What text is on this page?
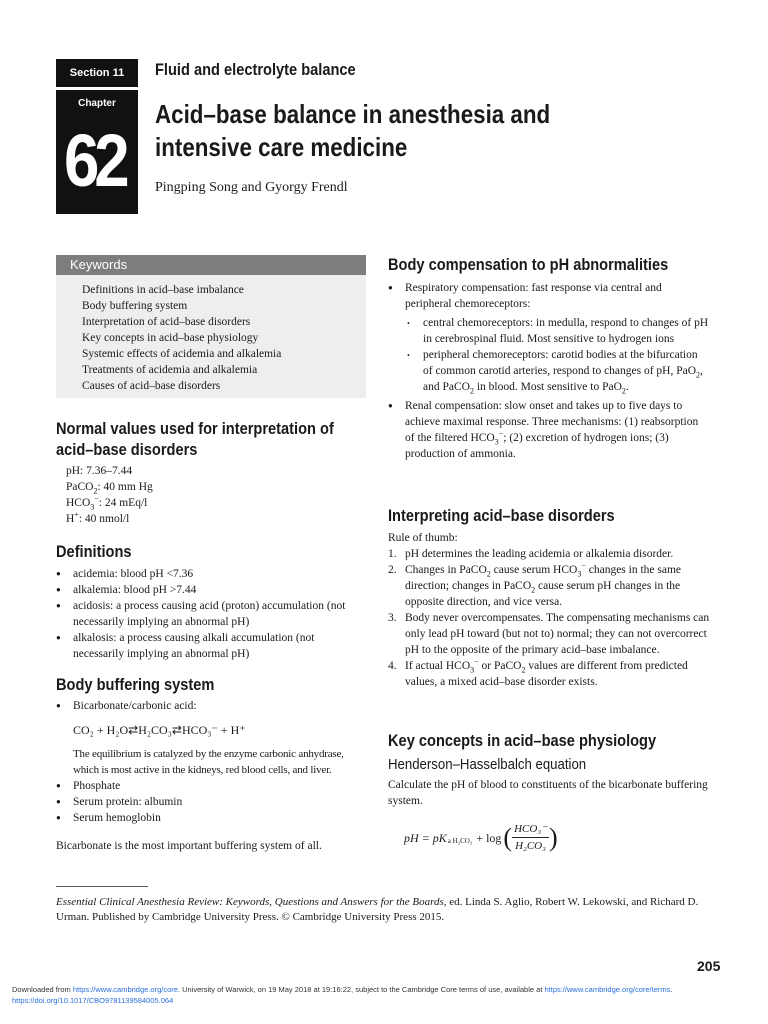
Section 11	Fluid and electrolyte balance
Chapter
62
Acid–base balance in anesthesia and intensive care medicine
Pingping Song and Gyorgy Frendl
Keywords
Definitions in acid–base imbalance
Body buffering system
Interpretation of acid–base disorders
Key concepts in acid–base physiology
Systemic effects of acidemia and alkalemia
Treatments of acidemia and alkalemia
Causes of acid–base disorders
Normal values used for interpretation of
acid–base disorders
pH: 7.36–7.44
PaCO$_2$: 40 mm Hg
$HCO_3^-$: 24 mEq/l
H+: 40 nmol/l
Definitions
● acidemia: blood pH <7.36
● alkalemia: blood pH >7.44
● acidosis: a process causing acid (proton) accumulation (not necessarily implying an abnormal pH)
● alkalosis: a process causing alkali accumulation (not necessarily implying an abnormal pH)
Body buffering system
● Bicarbonate/carbonic acid:
CO₂ + H₂O⇄H₂CO₃⇄HCO₃⁻ + H⁺
The equilibrium is catalyzed by the enzyme carbonic anhydrase, which is most active in the kidneys, red blood cells, and liver.
● Phosphate
● Serum protein: albumin
● Serum hemoglobin
Bicarbonate is the most important buffering system of all.
Body compensation to pH abnormalities
● Respiratory compensation: fast response via central and peripheral chemoreceptors:
. central chemoreceptors: in medulla, respond to changes of pH in cerebrospinal fluid. Most sensitive to hydrogen ions
. peripheral chemoreceptors: carotid bodies at the bifurcation of common carotid arteries, respond to changes of pH, PaO$_2$, and PaCO$_2$ in blood. Most sensitive to PaO$_2$.
● Renal compensation: slow onset and takes up to five days to achieve maximal response. Three mechanisms: (1) reabsorption of the filtered $HCO_3^-$; (2) excretion of hydrogen ions; (3) production of ammonia.
Interpreting acid–base disorders
Rule of thumb:
1. pH determines the leading acidemia or alkalemia disorder.
2. Changes in PaCO$_2$ cause serum $HCO_3^-$ changes in the same direction; changes in PaCO$_2$ cause serum pH changes in the opposite direction, and vice versa.
3. Body never overcompensates. The compensating mechanisms can only lead pH toward (but not to) normal; they can not overcorrect pH to the opposite of the primary acid–base imbalance.
4. If actual $HCO_3^-$ or PaCO$_2$ values are different from predicted values, a mixed acid–base disorder exists.
Key concepts in acid–base physiology
Henderson–Hasselbalch equation
Calculate the pH of blood to constituents of the bicarbonate buffering system.
pH = pK a H₂CO₃ + log ( HCO₃⁻
H₂CO₃ )
Essential Clinical Anesthesia Review: Keywords, Questions and Answers for the Boards, ed. Linda S. Aglio, Robert W. Lekowski, and Richard D. Urman. Published by Cambridge University Press. © Cambridge University Press 2015.
205
Downloaded from https://www.cambridge.org/core. University of Warwick, on 19 May 2018 at 19:16:22, subject to the Cambridge Core terms of use, available at https://www.cambridge.org/core/terms.
https://doi.org/10.1017/CBO9781139584005.064
